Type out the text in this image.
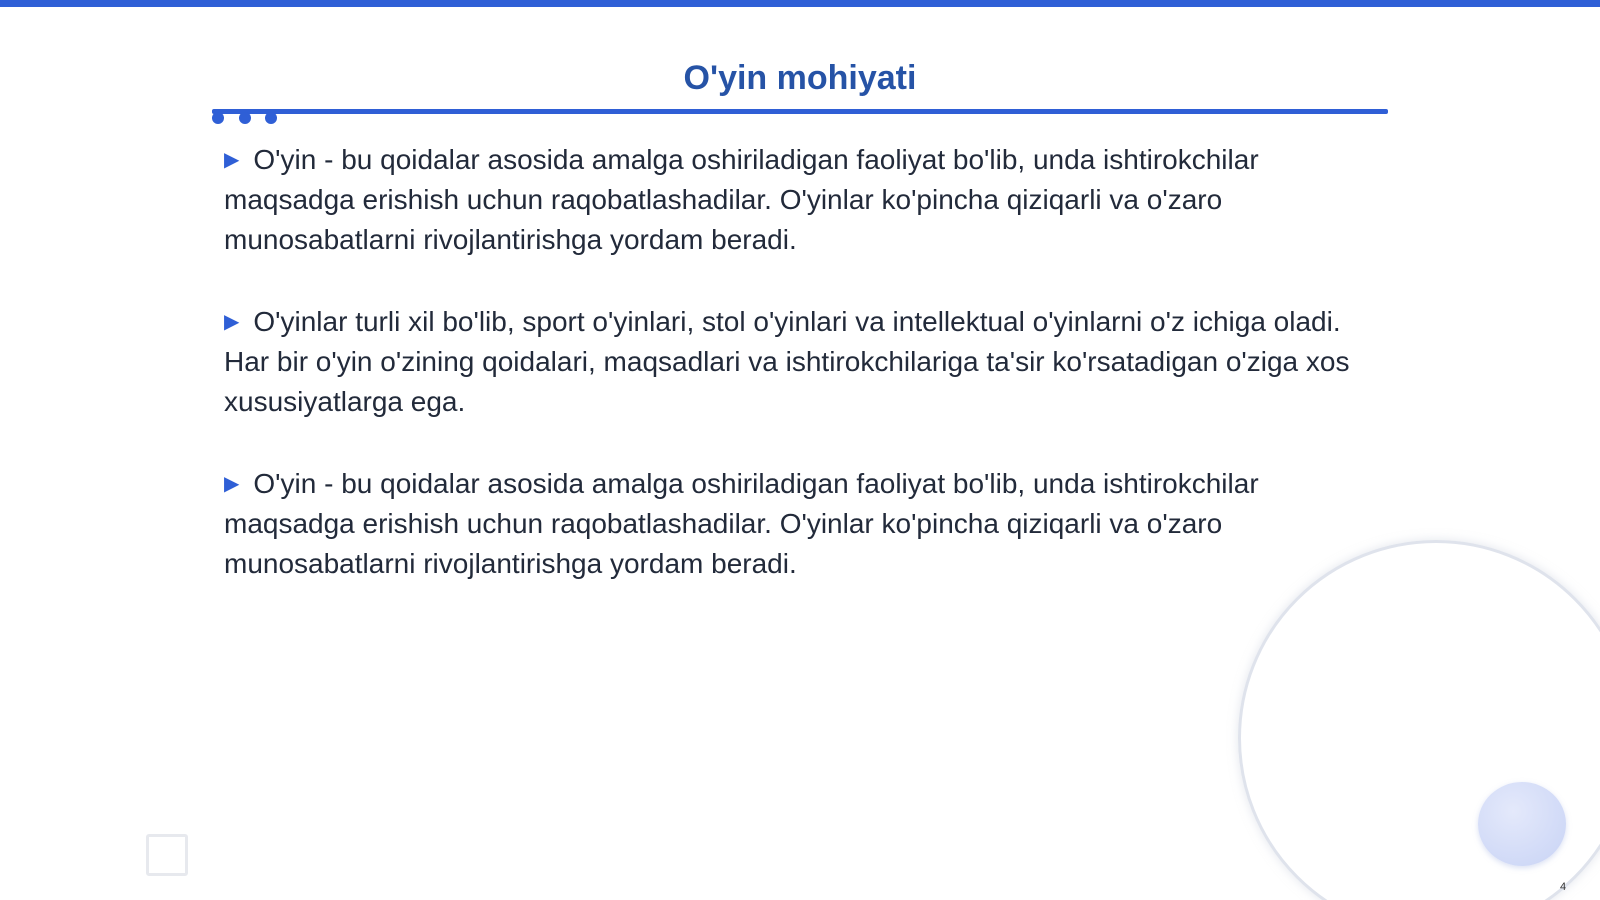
O'yin mohiyati

▶ O'yin - bu qoidalar asosida amalga oshiriladigan faoliyat bo'lib, unda ishtirokchilar maqsadga erishish uchun raqobatlashadilar. O'yinlar ko'pincha qiziqarli va o'zaro munosabatlarni rivojlantirishga yordam beradi.

▶ O'yinlar turli xil bo'lib, sport o'yinlari, stol o'yinlari va intellektual o'yinlarni o'z ichiga oladi. Har bir o'yin o'zining qoidalari, maqsadlari va ishtirokchilariga ta'sir ko'rsatadigan o'ziga xos xususiyatlarga ega.

▶ O'yin - bu qoidalar asosida amalga oshiriladigan faoliyat bo'lib, unda ishtirokchilar maqsadga erishish uchun raqobatlashadilar. O'yinlar ko'pincha qiziqarli va o'zaro munosabatlarni rivojlantirishga yordam beradi.

4
